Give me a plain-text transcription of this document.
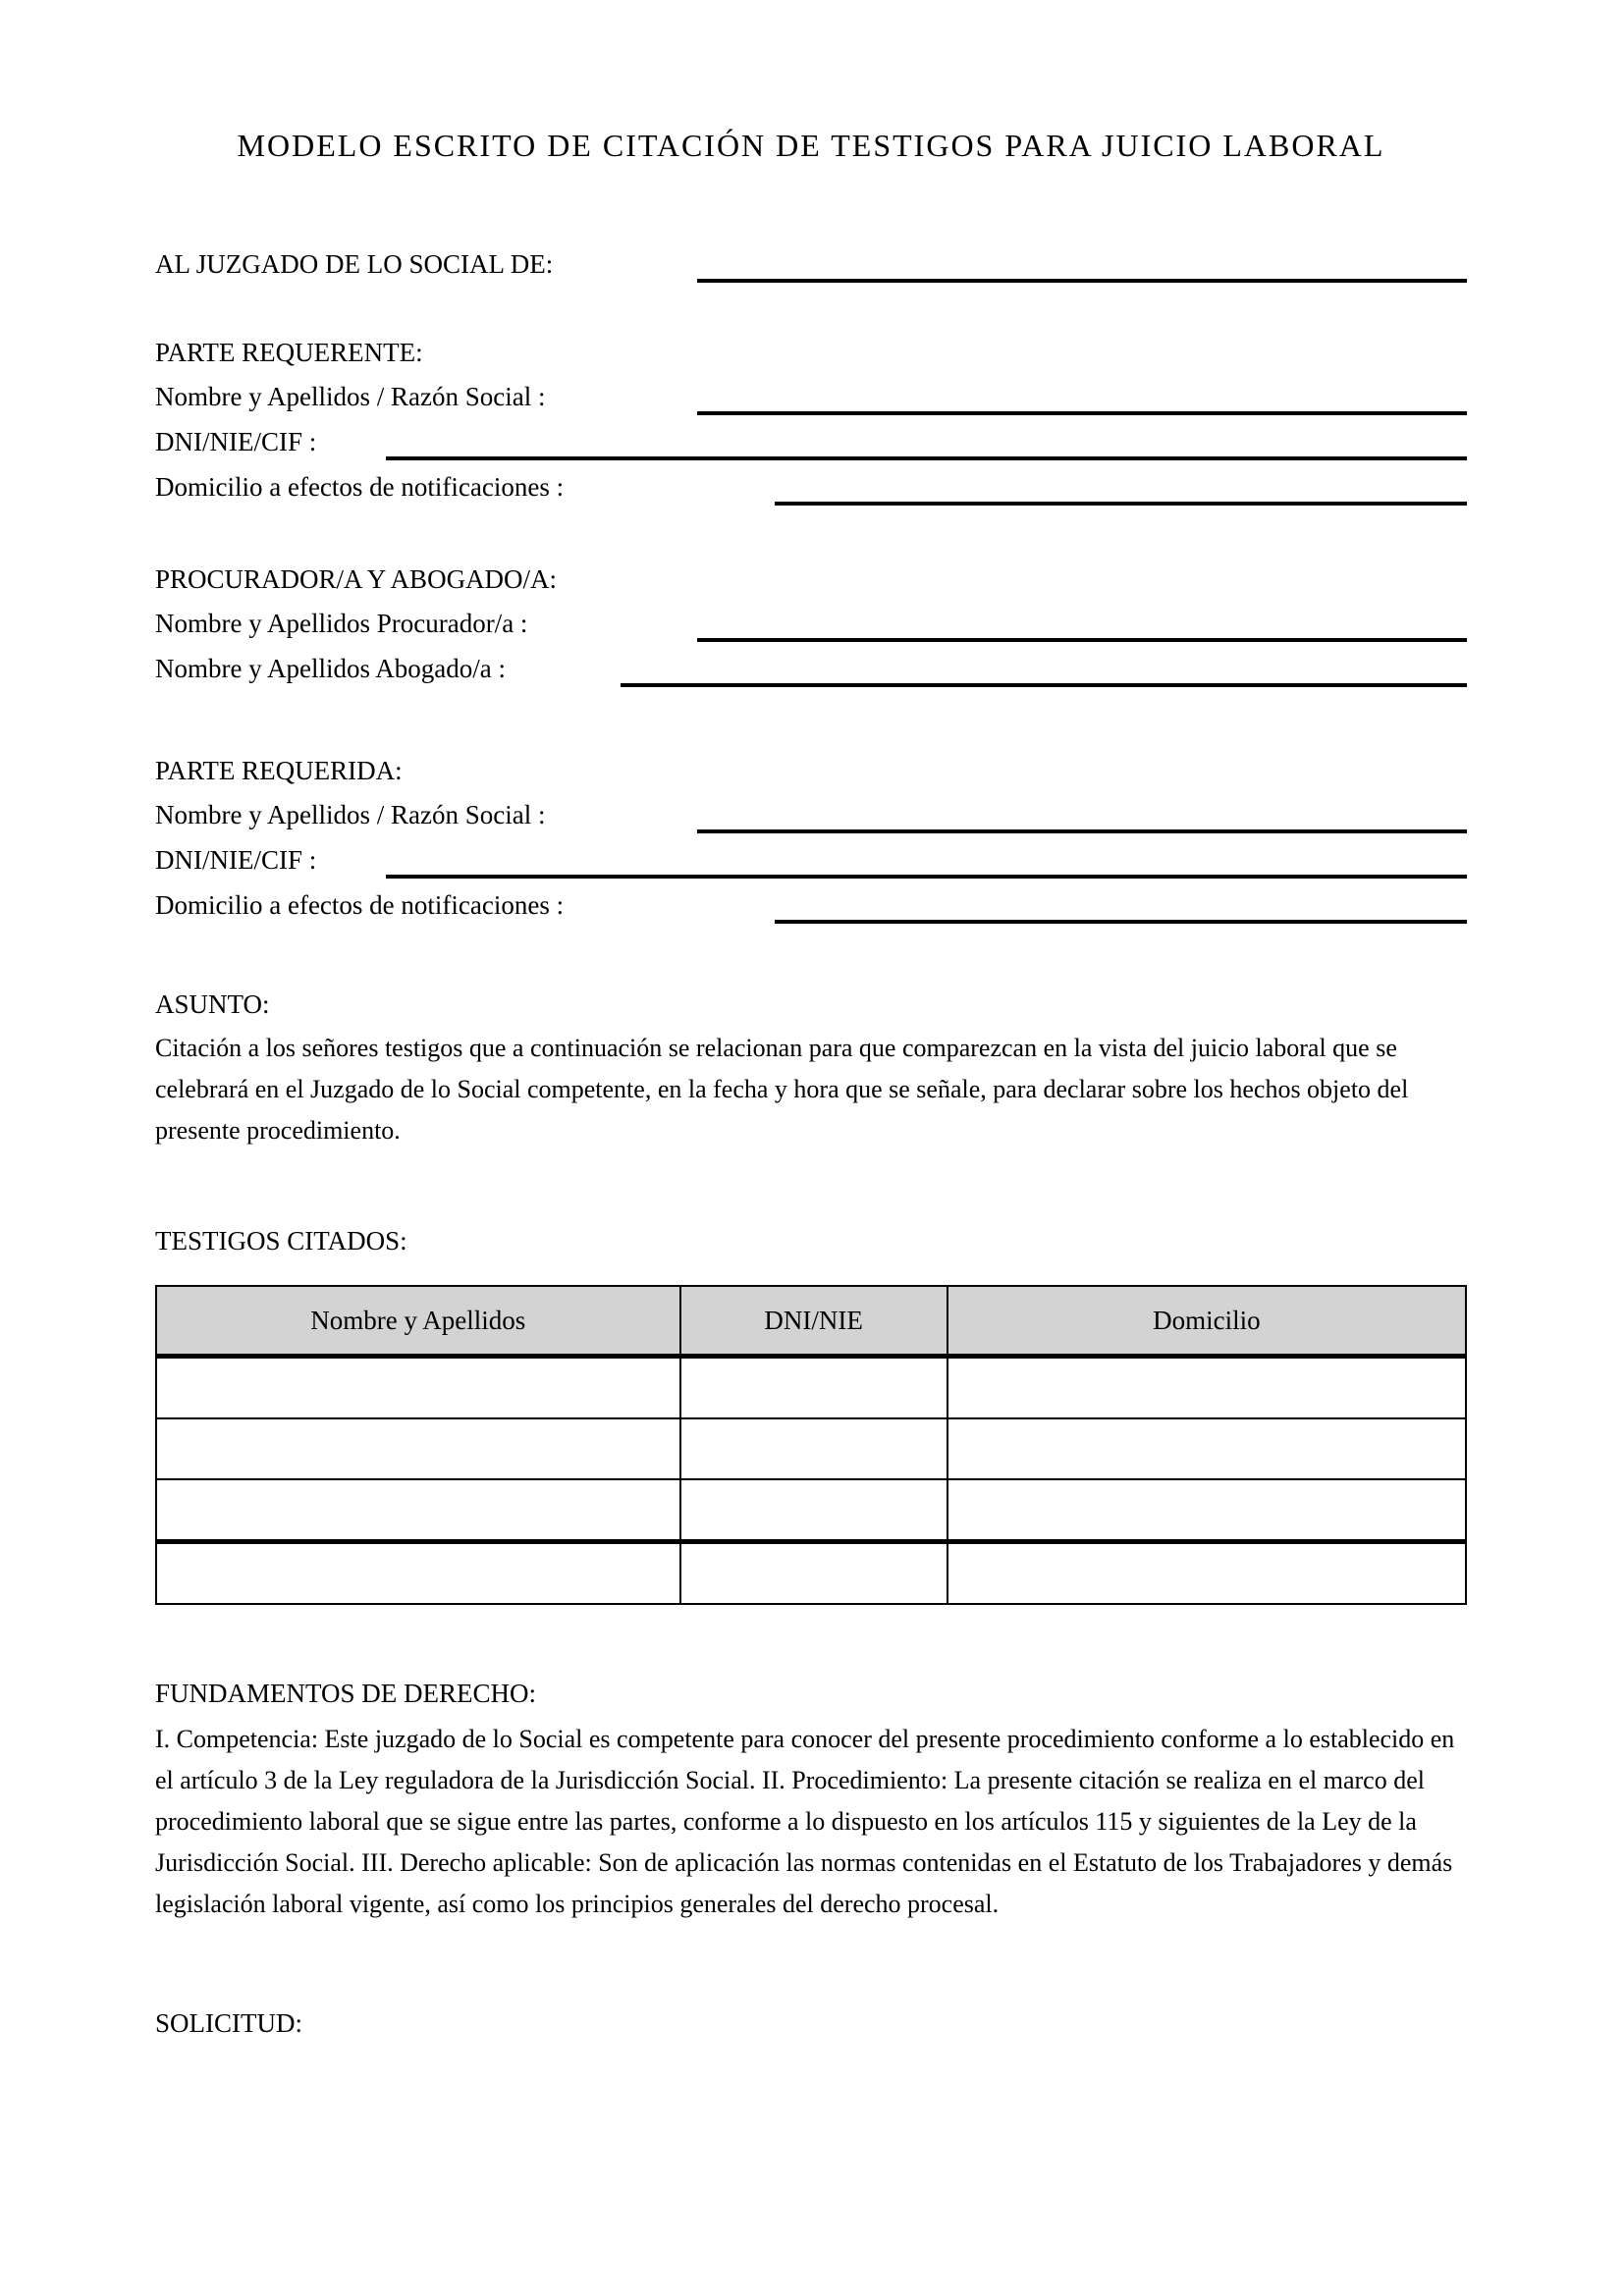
MODELO ESCRITO DE CITACIÓN DE TESTIGOS PARA JUICIO LABORAL
AL JUZGADO DE LO SOCIAL DE:
PARTE REQUERENTE:
Nombre y Apellidos / Razón Social :
DNI/NIE/CIF :
Domicilio a efectos de notificaciones :
PROCURADOR/A Y ABOGADO/A:
Nombre y Apellidos Procurador/a :
Nombre y Apellidos Abogado/a :
PARTE REQUERIDA:
Nombre y Apellidos / Razón Social :
DNI/NIE/CIF :
Domicilio a efectos de notificaciones :
ASUNTO:
Citación a los señores testigos que a continuación se relacionan para que comparezcan en la vista del juicio laboral que se celebrará en el Juzgado de lo Social competente, en la fecha y hora que se señale, para declarar sobre los hechos objeto del presente procedimiento.
TESTIGOS CITADOS:
Nombre y Apellidos	DNI/NIE	Domicilio

FUNDAMENTOS DE DERECHO:
I. Competencia: Este juzgado de lo Social es competente para conocer del presente procedimiento conforme a lo establecido en el artículo 3 de la Ley reguladora de la Jurisdicción Social. II. Procedimiento: La presente citación se realiza en el marco del procedimiento laboral que se sigue entre las partes, conforme a lo dispuesto en los artículos 115 y siguientes de la Ley de la Jurisdicción Social. III. Derecho aplicable: Son de aplicación las normas contenidas en el Estatuto de los Trabajadores y demás legislación laboral vigente, así como los principios generales del derecho procesal.
SOLICITUD:
